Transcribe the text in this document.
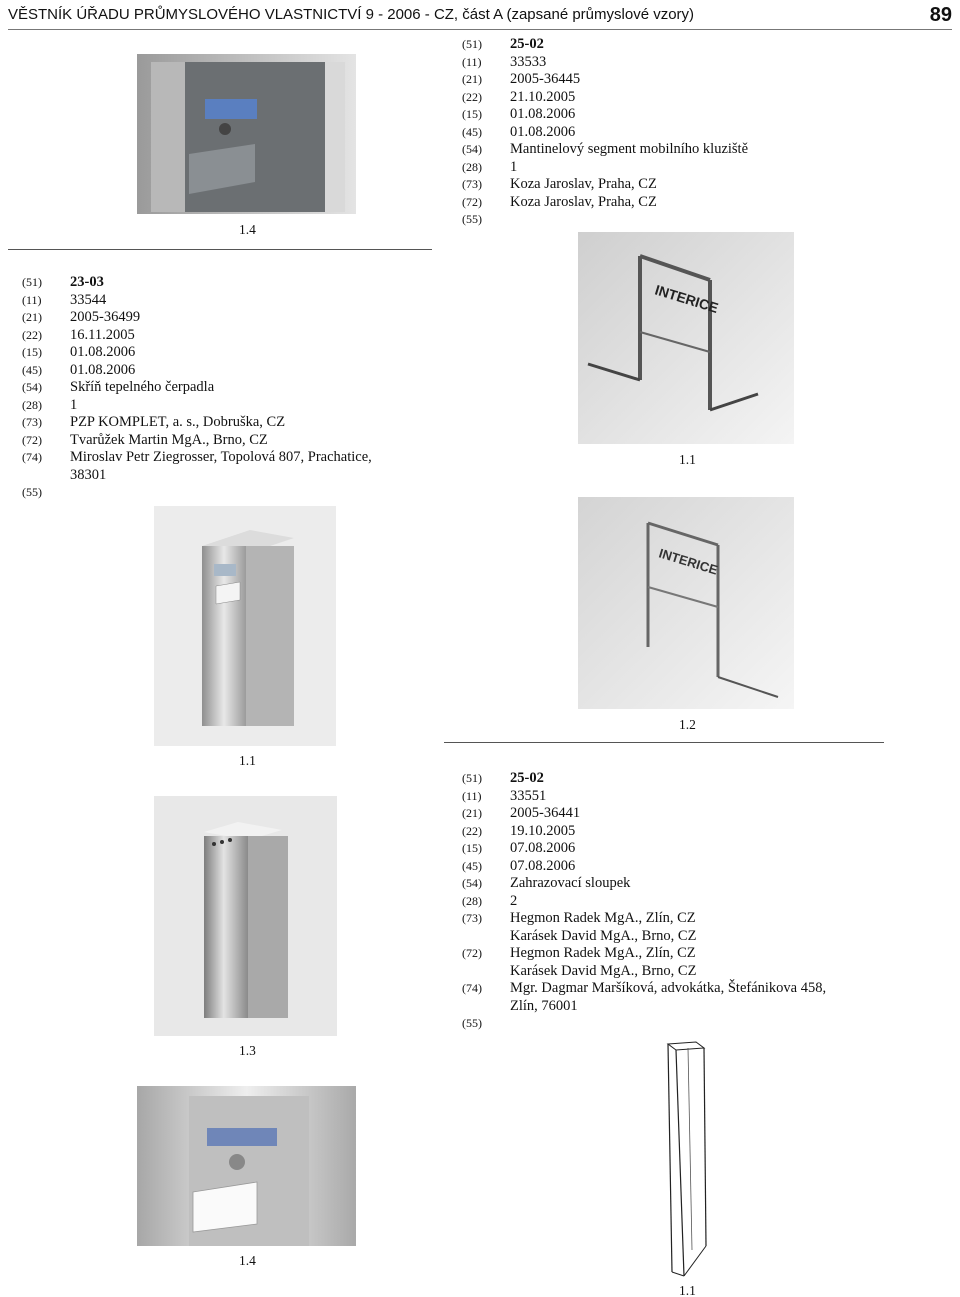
VĚSTNÍK ÚŘADU PRŮMYSLOVÉHO VLASTNICTVÍ 9 - 2006 - CZ, část A (zapsané průmyslové vzory)	89
(51)	25-02
(11)	33533
(21)	2005-36445
(22)	21.10.2005
(15)	01.08.2006
(45)	01.08.2006
(54)	Mantinelový segment mobilního kluziště
(28)	1
(73)	Koza Jaroslav, Praha, CZ
(72)	Koza Jaroslav, Praha, CZ
(55)
(51)	23-03
(11)	33544
(21)	2005-36499
(22)	16.11.2005
(15)	01.08.2006
(45)	01.08.2006
(54)	Skříň tepelného čerpadla
(28)	1
(73)	PZP KOMPLET, a. s., Dobruška, CZ
(72)	Tvarůžek Martin MgA., Brno, CZ
(74)	Miroslav Petr Ziegrosser, Topolová 807, Prachatice,
38301
(55)
(51)	25-02
(11)	33551
(21)	2005-36441
(22)	19.10.2005
(15)	07.08.2006
(45)	07.08.2006
(54)	Zahrazovací sloupek
(28)	2
(73)	Hegmon Radek MgA., Zlín, CZ
Karásek David MgA., Brno, CZ
(72)	Hegmon Radek MgA., Zlín, CZ
Karásek David MgA., Brno, CZ
(74)	Mgr. Dagmar Maršíková, advokátka, Štefánikova 458,
Zlín, 76001
(55)
1.4
INTERICE
1.1
INTERICE
1.2
1.1
1.3
1.4
1.1
